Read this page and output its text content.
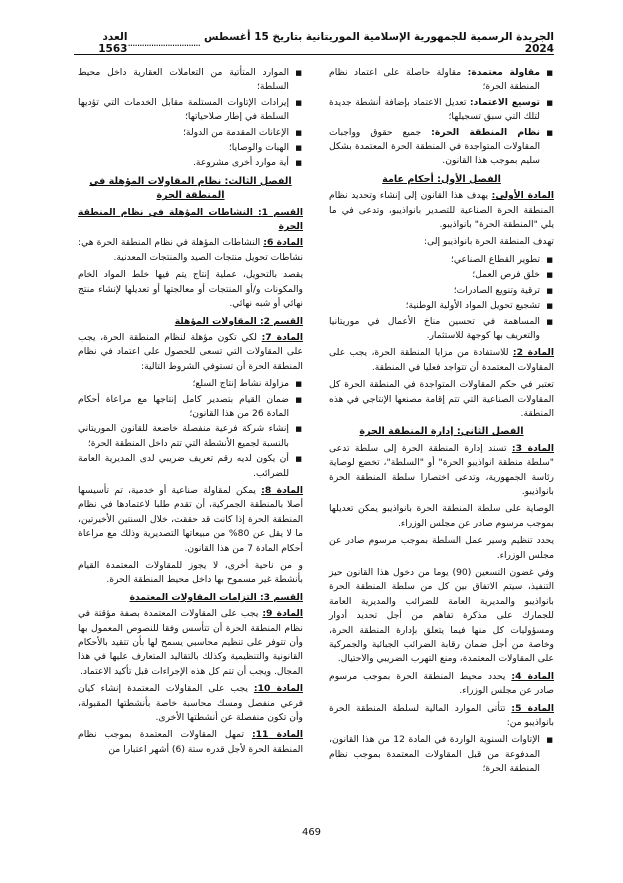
الجريدة الرسمية للجمهورية الإسلامية الموريتانية بتاريخ 15 أغسطس 2024
...............................
العدد 1563
■ مقاولة معتمدة: مقاولة حاصلة على اعتماد نظام المنطقة الحرة؛
■ توسيع الاعتماد: تعديل الاعتماد بإضافة أنشطة جديدة لتلك التي سبق تسجيلها؛
■ نظام المنطقة الحرة: جميع حقوق وواجبات المقاولات المتواجدة في المنطقة الحرة المعتمدة بشكل سليم بموجب هذا القانون.
الفصل الأول: أحكام عامة

المادة الأولى: يهدف هذا القانون إلى إنشاء وتحديد نظام المنطقة الحرة الصناعية للتصدير بانواذيبو، وتدعى في ما يلي "المنطقة الحرة" بانواذيبو.

تهدف المنطقة الحرة بانواذيبو إلى:

■ تطوير القطاع الصناعي؛
■ خلق فرص العمل؛
■ ترقية وتنويع الصادرات؛
■ تشجيع تحويل المواد الأولية الوطنية؛
■ المساهمة في تحسين مناخ الأعمال في موريتانيا والتعريف بها كوجهة للاستثمار.

المادة 2: للاستفادة من مزايا المنطقة الحرة، يجب على المقاولات المعتمدة أن تتواجد فعليا في المنطقة.

تعتبر في حكم المقاولات المتواجدة في المنطقة الحرة كل المقاولات الصناعية التي تتم إقامة مصنعها الإنتاجي في هذه المنطقة.

الفصل الثاني: إدارة المنطقة الحرة

المادة 3: تسند إدارة المنطقة الحرة إلى سلطة تدعى "سلطة منطقة انواذيبو الحرة" أو "السلطة"، تخضع لوصاية رئاسة الجمهورية، وتدعى اختصارا سلطة المنطقة الحرة بانواذيبو.

الوصاية على سلطة المنطقة الحرة بانواذيبو يمكن تعديلها بموجب مرسوم صادر عن مجلس الوزراء.

يحدد تنظيم وسير عمل السلطة بموجب مرسوم صادر عن مجلس الوزراء.

وفي غضون التسعين (90) يوما من دخول هذا القانون حيز التنفيذ، سيتم الاتفاق بين كل من سلطة المنطقة الحرة بانواذيبو والمديرية العامة للضرائب والمديرية العامة للجمارك على مذكرة تفاهم من أجل تحديد أدوار ومسؤوليات كل منها فيما يتعلق بإدارة المنطقة الحرة، وخاصة من أجل ضمان رقابة الضرائب الجبائية والجمركية على المقاولات المعتمدة، ومنع التهرب الضريبي والاحتيال.

المادة 4: يحدد محيط المنطقة الحرة بموجب مرسوم صادر عن مجلس الوزراء.

المادة 5: تتأتى الموارد المالية لسلطة المنطقة الحرة بانواذيبو من:

■ الإتاوات السنوية الواردة في المادة 12 من هذا القانون، المدفوعة من قبل المقاولات المعتمدة بموجب نظام المنطقة الحرة؛
■ الموارد المتأتية من التعاملات العقارية داخل محيط السلطة؛
■ إيرادات الإتاوات المستلمة مقابل الخدمات التي تؤديها السلطة في إطار صلاحياتها؛
■ الإعانات المقدمة من الدولة؛
■ الهبات والوصايا؛
■ أية موارد أخرى مشروعة.
الفصل الثالث: نظام المقاولات المؤهلة في المنطقة الحرة
القسم 1: النشاطات المؤهلة في نظام المنطقة الحرة

المادة 6: النشاطات المؤهلة في نظام المنطقة الحرة هي: نشاطات تحويل منتجات الصيد والمنتجات المعدنية.

يقصد بالتحويل، عملية إنتاج يتم فيها خلط المواد الخام والمكونات و/أو المنتجات أو معالجتها أو تعديلها لإنشاء منتج نهائي أو شبه نهائي.

القسم 2: المقاولات المؤهلة

المادة 7: لكي تكون مؤهلة لنظام المنطقة الحرة، يجب على المقاولات التي تسعى للحصول على اعتماد في نظام المنطقة الحرة أن تستوفي الشروط التالية:

■ مزاولة نشاط إنتاج السلع؛
■ ضمان القيام بتصدير كامل إنتاجها مع مراعاة أحكام المادة 26 من هذا القانون؛
■ إنشاء شركة فرعية منفصلة خاضعة للقانون الموريتاني بالنسبة لجميع الأنشطة التي تتم داخل المنطقة الحرة؛
■ أن يكون لديه رقم تعريف ضريبي لدى المديرية العامة للضرائب.

المادة 8: يمكن لمقاولة صناعية أو خدمية، تم تأسيسها أصلا بالمنطقة الجمركية، أن تقدم طلبا لاعتمادها في نظام المنطقة الحرة إذا كانت قد حققت، خلال السنتين الأخيرتين، ما لا يقل عن 80% من مبيعاتها التصديرية وذلك مع مراعاة أحكام المادة 7 من هذا القانون.

و من ناحية أخرى، لا يجوز للمقاولات المعتمدة القيام بأنشطة غير مسموح بها داخل محيط المنطقة الحرة.

القسم 3: التزامات المقاولات المعتمدة

المادة 9: يجب على المقاولات المعتمدة بصفة مؤقتة في نظام المنطقة الحرة أن تتأسس وفقا للنصوص المعمول بها وأن تتوفر على تنظيم محاسبي يسمح لها بأن تتقيد بالأحكام القانونية والتنظيمية وكذلك بالتقاليد المتعارف عليها في هذا المجال. ويجب أن تتم كل هذه الإجراءات قبل تأكيد الاعتماد.

المادة 10: يجب على المقاولات المعتمدة إنشاء كيان فرعي منفصل ومسك محاسبة خاصة بأنشطتها المقبولة، وأن تكون منفصلة عن أنشطتها الأخرى.

المادة 11: تمهل المقاولات المعتمدة بموجب نظام المنطقة الحرة لأجل قدره ستة (6) أشهر اعتبارا من

469
